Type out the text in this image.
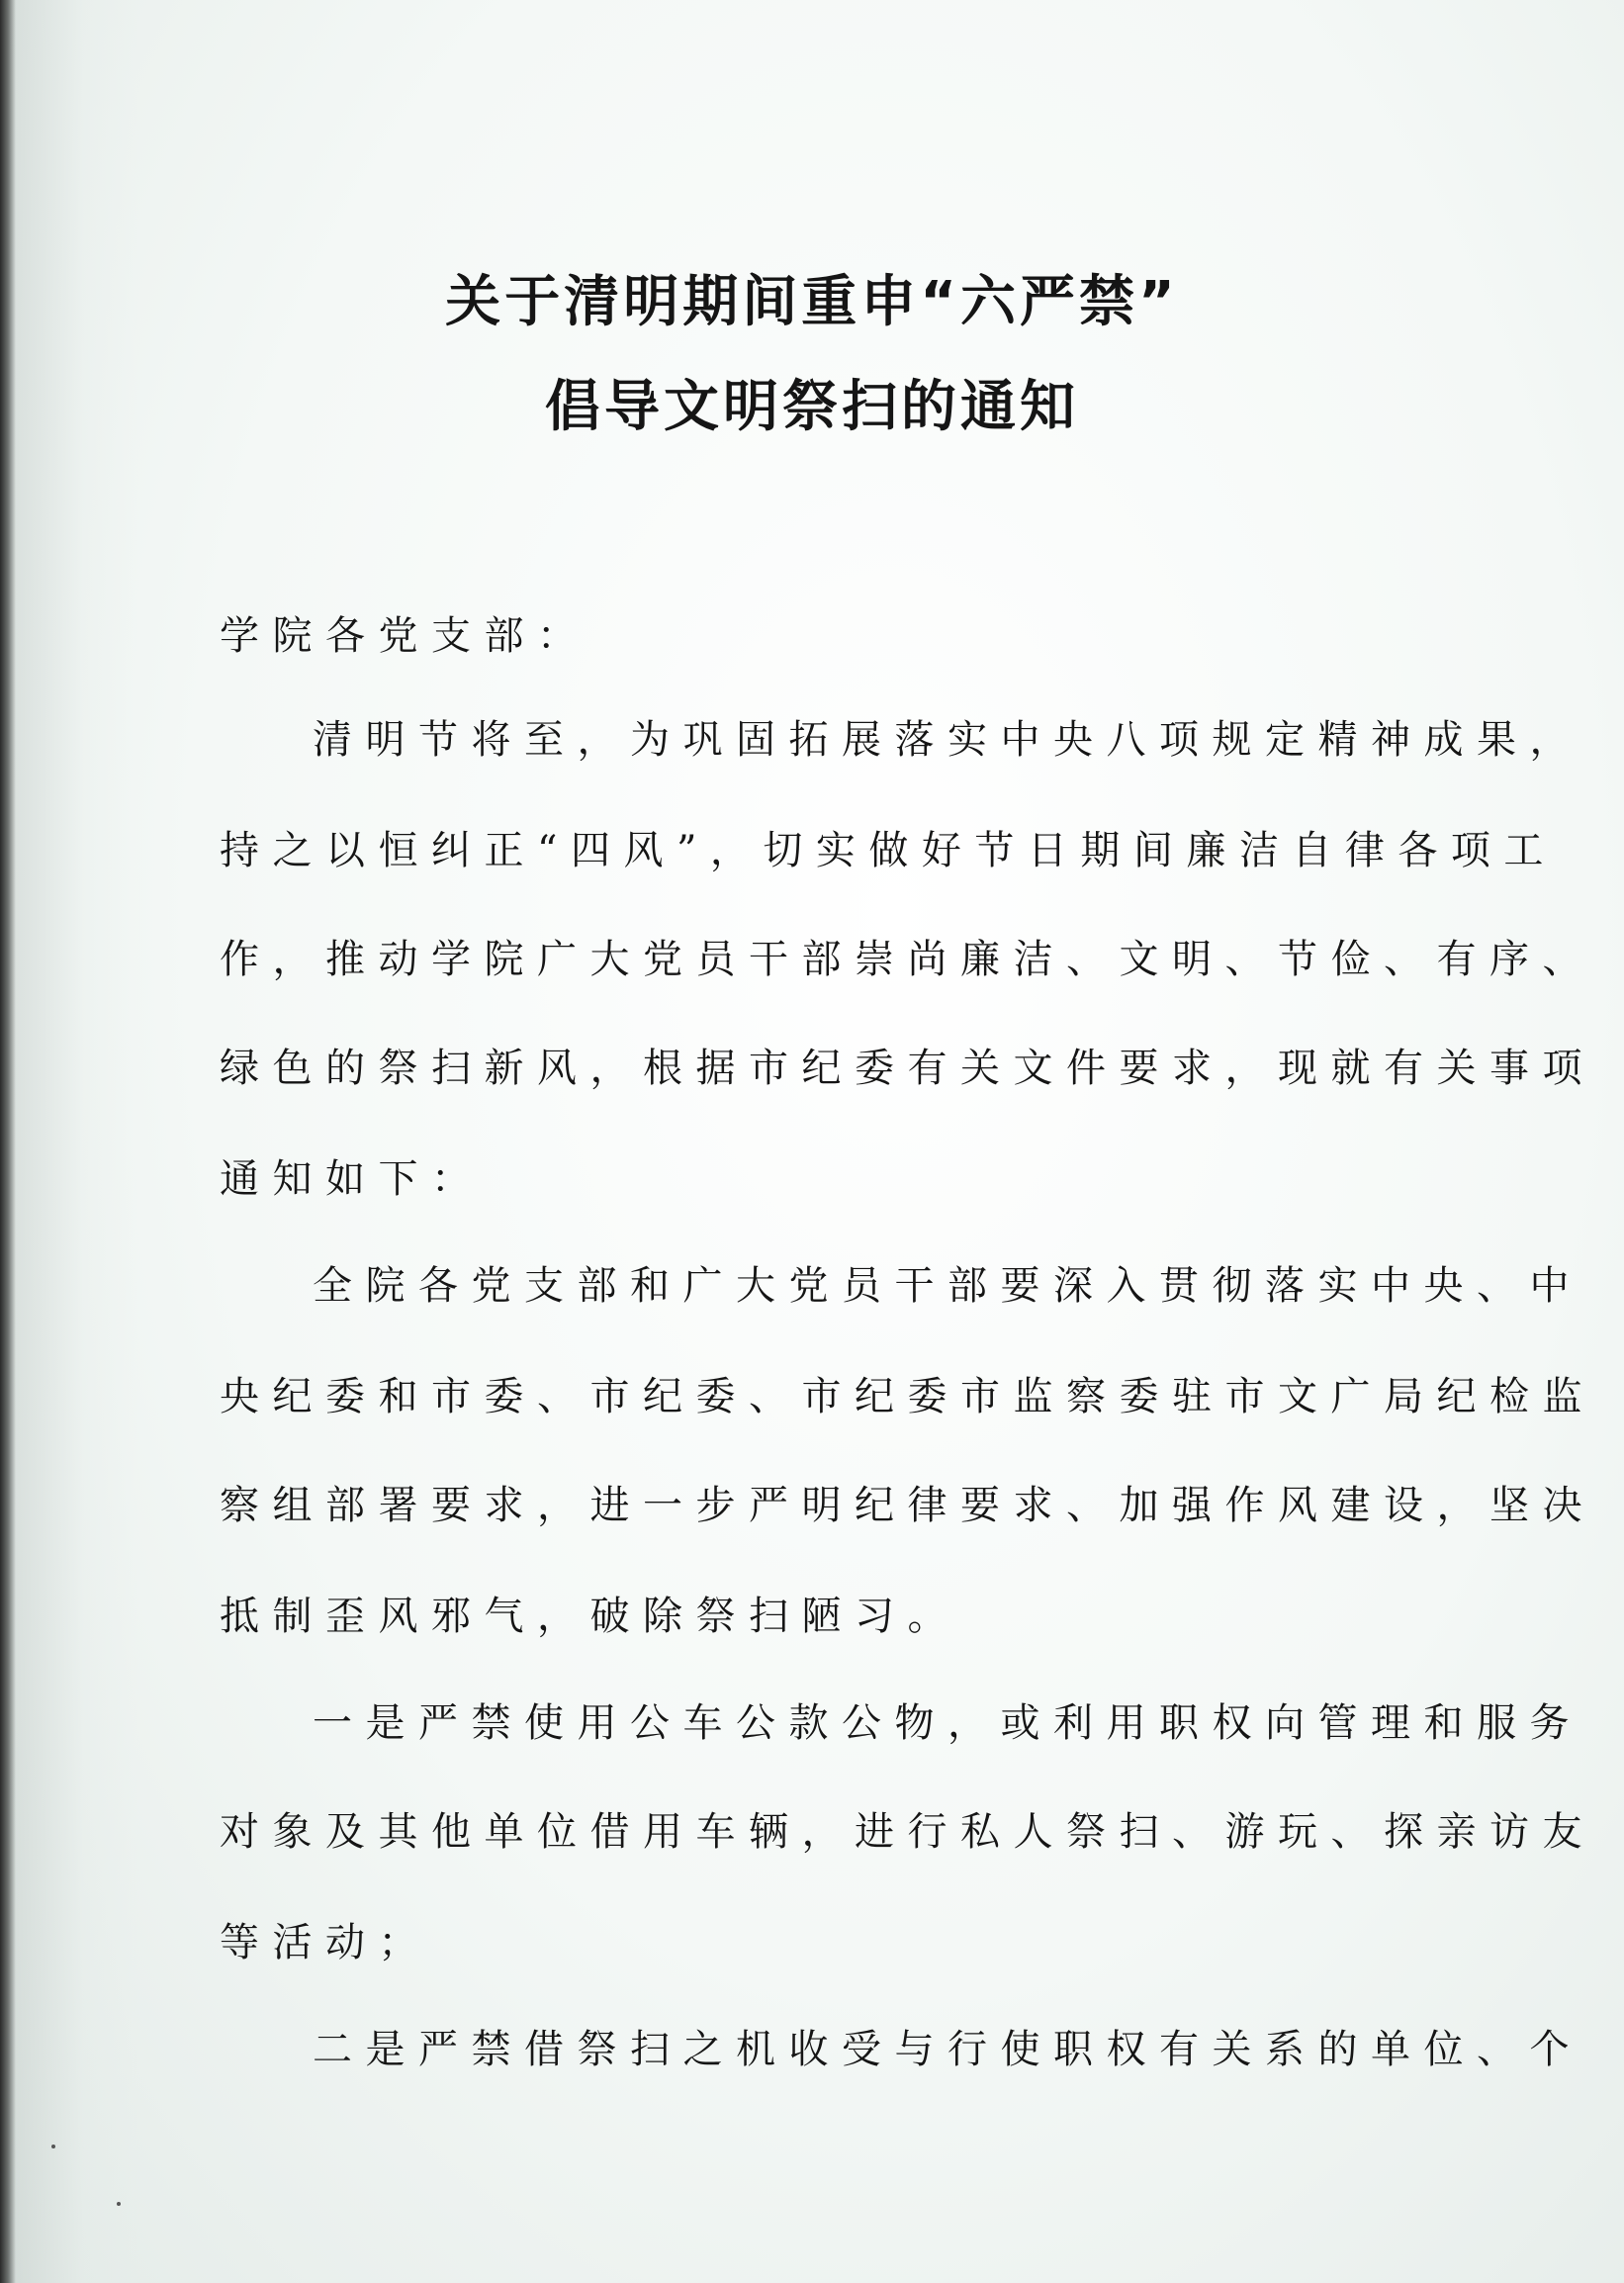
关于清明期间重申“六严禁”
倡导文明祭扫的通知

学院各党支部：

清明节将至，为巩固拓展落实中央八项规定精神成果，

持之以恒纠正“四风”，切实做好节日期间廉洁自律各项工

作，推动学院广大党员干部崇尚廉洁、文明、节俭、有序、

绿色的祭扫新风，根据市纪委有关文件要求，现就有关事项

通知如下：

全院各党支部和广大党员干部要深入贯彻落实中央、中

央纪委和市委、市纪委、市纪委市监察委驻市文广局纪检监

察组部署要求，进一步严明纪律要求、加强作风建设，坚决

抵制歪风邪气，破除祭扫陋习。

一是严禁使用公车公款公物，或利用职权向管理和服务

对象及其他单位借用车辆，进行私人祭扫、游玩、探亲访友

等活动；

二是严禁借祭扫之机收受与行使职权有关系的单位、个
